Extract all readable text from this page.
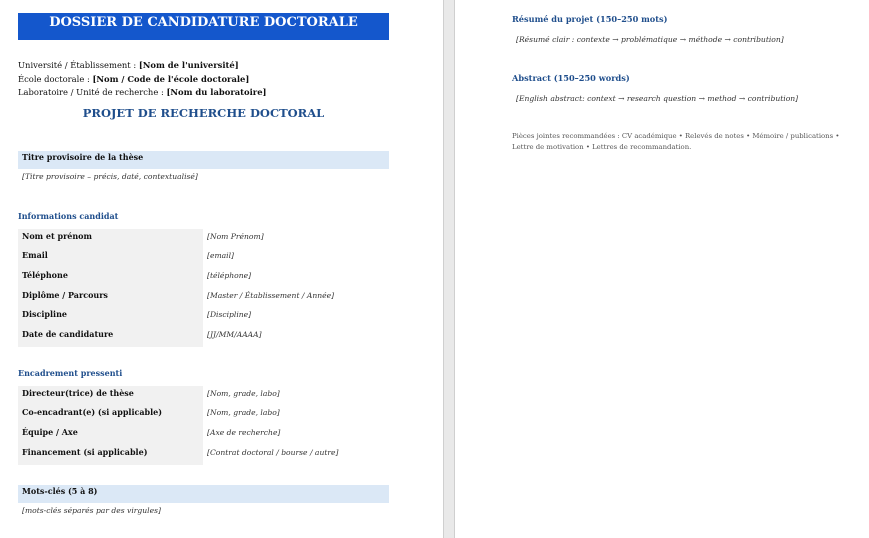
DOSSIER DE CANDIDATURE DOCTORALE
Université / Établissement : [Nom de l'université]
École doctorale : [Nom / Code de l'école doctorale]
Laboratoire / Unité de recherche : [Nom du laboratoire]
PROJET DE RECHERCHE DOCTORAL
Titre provisoire de la thèse
[Titre provisoire – précis, daté, contextualisé]
Informations candidat
Nom et prénom	[Nom Prénom]
Email	[email]
Téléphone	[téléphone]
Diplôme / Parcours	[Master / Établissement / Année]
Discipline	[Discipline]
Date de candidature	[JJ/MM/AAAA]
Encadrement pressenti
Directeur(trice) de thèse	[Nom, grade, labo]
Co-encadrant(e) (si applicable)	[Nom, grade, labo]
Équipe / Axe	[Axe de recherche]
Financement (si applicable)	[Contrat doctoral / bourse / autre]
Mots-clés (5 à 8)
[mots-clés séparés par des virgules]
Résumé du projet (150–250 mots)
[Résumé clair : contexte → problématique → méthode → contribution]
Abstract (150–250 words)
[English abstract: context → research question → method → contribution]
Pièces jointes recommandées : CV académique • Relevés de notes • Mémoire / publications • Lettre de motivation • Lettres de recommandation.
